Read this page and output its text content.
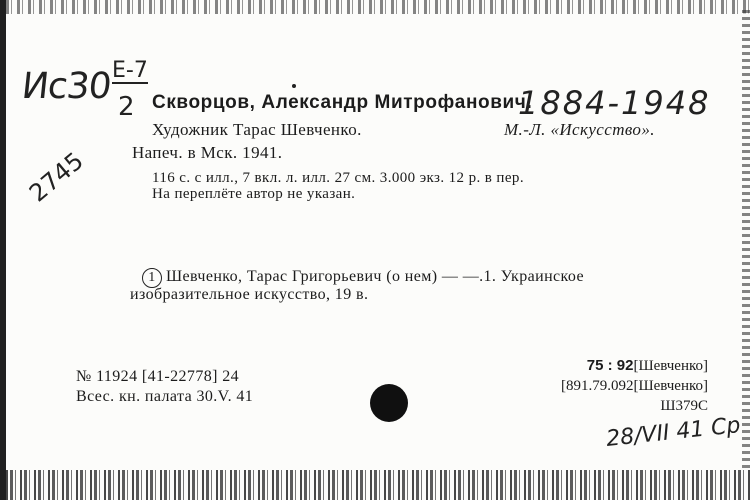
Ис30 Е-7
2 Скворцов, Александр Митрофанович.
1884-1948
Художник Тарас Шевченко.	М.-Л. «Искусство».
Напеч. в Мск. 1941.
116 с. с илл., 7 вкл. л. илл. 27 см. 3.000 экз. 12 р. в пер.
На переплёте автор не указан.
2745
1 Шевченко, Тарас Григорьевич (о нем) — —.1. Украинское
изобразительное искусство, 19 в.
№ 11924 [41-22778] 24
Всес. кн. палата 30.V. 41
75 : 92[Шевченко]
[891.79.092[Шевченко]
Ш379С
28/VII 41 Ср
